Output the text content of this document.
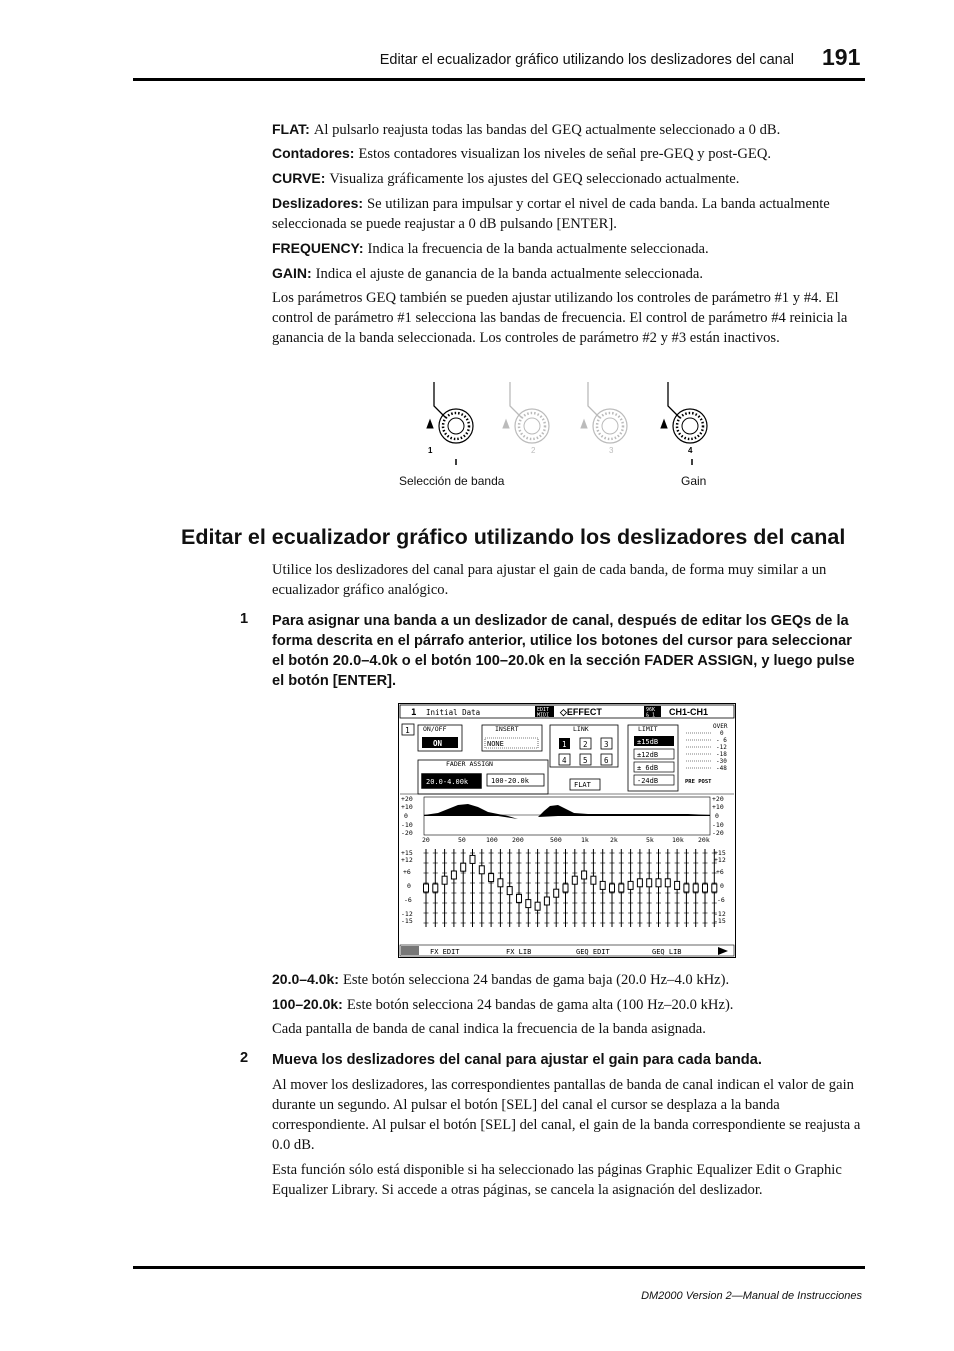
Editar el ecualizador gráfico utilizando los deslizadores del canal 191
FLAT: Al pulsarlo reajusta todas las bandas del GEQ actualmente seleccionado a 0 dB.
Contadores: Estos contadores visualizan los niveles de señal pre-GEQ y post-GEQ.
CURVE: Visualiza gráficamente los ajustes del GEQ seleccionado actualmente.
Deslizadores: Se utilizan para impulsar y cortar el nivel de cada banda. La banda actualmente seleccionada se puede reajustar a 0 dB pulsando [ENTER].
FREQUENCY: Indica la frecuencia de la banda actualmente seleccionada.
GAIN: Indica el ajuste de ganancia de la banda actualmente seleccionada.
Los parámetros GEQ también se pueden ajustar utilizando los controles de parámetro #1 y #4. El control de parámetro #1 selecciona las bandas de frecuencia. El control de parámetro #4 reinicia la ganancia de la banda seleccionada. Los controles de parámetro #2 y #3 están inactivos.
1	2	3	4
Selección de banda	Gain
Editar el ecualizador gráfico utilizando los deslizadores del canal
Utilice los deslizadores del canal para ajustar el gain de cada banda, de forma muy similar a un ecualizador gráfico analógico.
1 Para asignar una banda a un deslizador de canal, después de editar los GEQs de la forma descrita en el párrafo anterior, utilice los botones del cursor para seleccionar el botón 20.0–4.0k o el botón 100–20.0k en la sección FADER ASSIGN, y luego pulse el botón [ENTER].
1 Initial Data	EDIT
MIDI ◇EFFECT	96K
& 1 CH1-CH1
1 ON/OFF
ON
INSERT
NONE
LINK
1 2 3
4 5 6
LIMIT
±15dB
±12dB
± 6dB
-24dB
OVER
0
- 6
-12
-18
-30
-48
PRE POST
FADER ASSIGN
20.0-4.00k	100-20.0k	FLAT
+20
+10
0
-10
-20
+20
+10
0
-10
-20
20	50	100 200	500	1k	2k	5k	10k 20k
+15
+12
+6
0
-6
-12
-15
+15
+12
+6
0
-6
-12
-15
FX EDIT	FX LIB	GEQ EDIT	GEQ LIB
20.0–4.0k: Este botón selecciona 24 bandas de gama baja (20.0 Hz–4.0 kHz).
100–20.0k: Este botón selecciona 24 bandas de gama alta (100 Hz–20.0 kHz).
Cada pantalla de banda de canal indica la frecuencia de la banda asignada.
2 Mueva los deslizadores del canal para ajustar el gain para cada banda.
Al mover los deslizadores, las correspondientes pantallas de banda de canal indican el valor de gain durante un segundo. Al pulsar el botón [SEL] del canal el cursor se desplaza a la banda correspondiente. Al pulsar el botón [SEL] del canal, el gain de la banda correspondiente se reajusta a 0.0 dB.
Esta función sólo está disponible si ha seleccionado las páginas Graphic Equalizer Edit o Graphic Equalizer Library. Si accede a otras páginas, se cancela la asignación del deslizador.
DM2000 Version 2—Manual de Instrucciones
